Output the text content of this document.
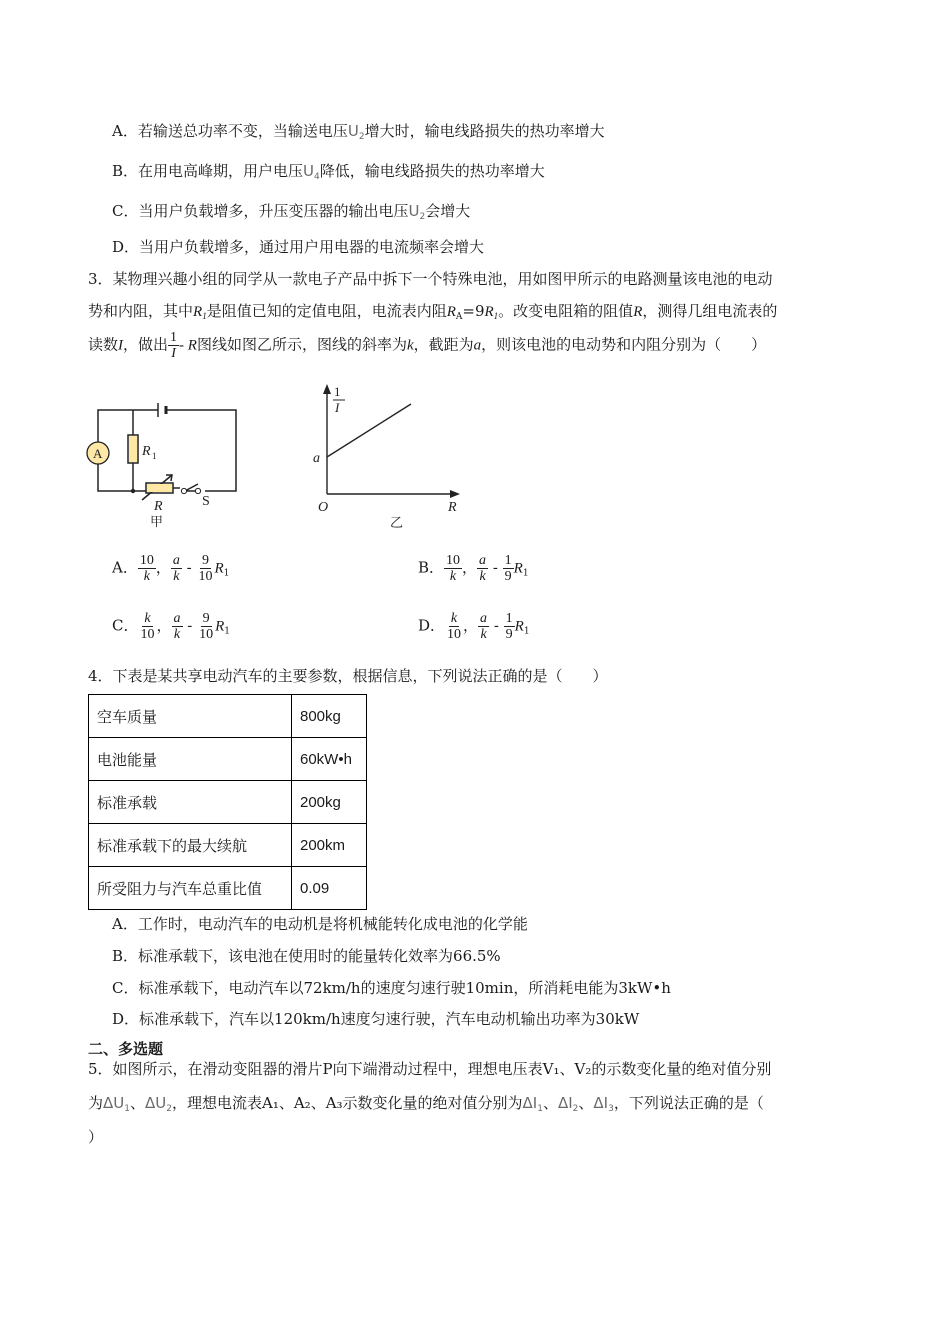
A．若输送总功率不变，当输送电压$U_2$增大时，输电线路损失的热功率增大
B．在用电高峰期，用户电压$U_4$降低，输电线路损失的热功率增大
C．当用户负载增多，升压变压器的输出电压$U_2$会增大
D．当用户负载增多，通过用户用电器的电流频率会增大
3．某物理兴趣小组的同学从一款电子产品中拆下一个特殊电池，用如图甲所示的电路测量该电池的电动
势和内阻，其中$R_1$是阻值已知的定值电阻，电流表内阻$R_A=9R_1$。改变电阻箱的阻值R，测得几组电流表的
读数I，做出 $\frac{1}{I}$ - R图线如图乙所示，图线的斜率为k，截距为a，则该电池的电动势和内阻分别为（　　）
A	R 1
R	S
甲
1
I
a
O	R
乙
A． $\frac{10}{k}$ ， $\frac{a}{k} - \frac{9}{10} R_1$	B． $\frac{10}{k}$ ， $\frac{a}{k} - \frac{1}{9} R_1$
C． $\frac{k}{10}$ ， $\frac{a}{k} - \frac{9}{10} R_1$	D． $\frac{k}{10}$ ， $\frac{a}{k} - \frac{1}{9} R_1$
4．下表是某共享电动汽车的主要参数，根据信息，下列说法正确的是（　　）
空车质量	800kg
电池能量	60kW•h
标准承载	200kg
标准承载下的最大续航	200km
所受阻力与汽车总重比值	0.09
A．工作时，电动汽车的电动机是将机械能转化成电池的化学能
B．标准承载下，该电池在使用时的能量转化效率为66.5%
C．标准承载下，电动汽车以72km/h的速度匀速行驶10min，所消耗电能为3kW•h
D．标准承载下，汽车以120km/h速度匀速行驶，汽车电动机输出功率为30kW
二、多选题
5．如图所示，在滑动变阻器的滑片P向下端滑动过程中，理想电压表V₁、V₂的示数变化量的绝对值分别
为$\Delta U_1$、$\Delta U_2$，理想电流表A₁、A₂、A₃示数变化量的绝对值分别为$\Delta I_1$、$\Delta I_2$、$\Delta I_3$，下列说法正确的是（
）
